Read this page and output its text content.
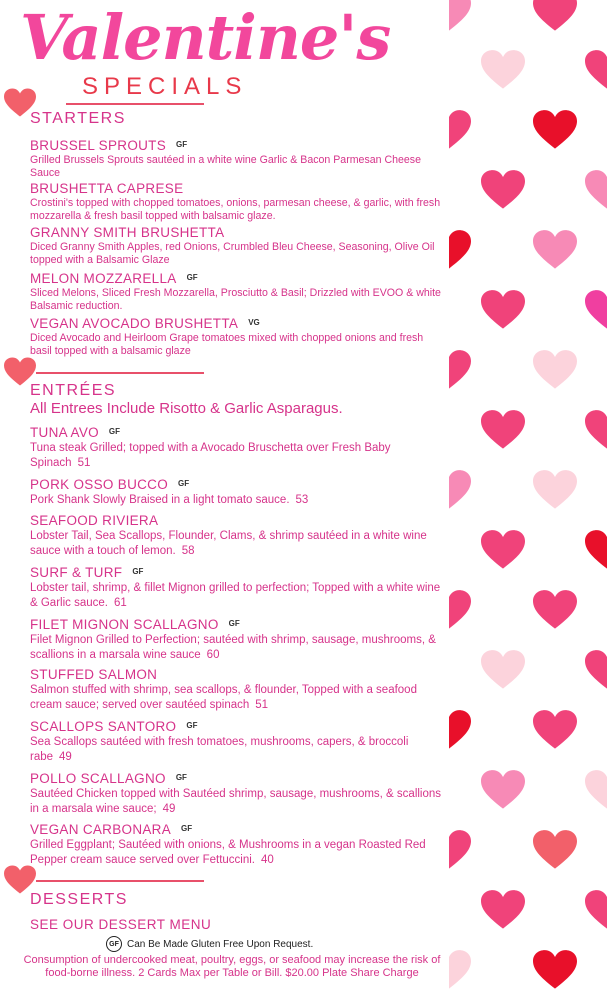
Valentine's
SPECIALS
STARTERS
BRUSSEL SPROUTS $^{GF}$
Grilled Brussels Sprouts sautéed in a white wine Garlic & Bacon Parmesan Cheese Sauce
BRUSHETTA CAPRESE
Crostini's topped with chopped tomatoes, onions, parmesan cheese, & garlic, with fresh mozzarella & fresh basil topped with balsamic glaze.
GRANNY SMITH BRUSHETTA
Diced Granny Smith Apples, red Onions, Crumbled Bleu Cheese, Seasoning, Olive Oil topped with a Balsamic Glaze
MELON MOZZARELLA $^{GF}$
Sliced Melons, Sliced Fresh Mozzarella, Prosciutto & Basil; Drizzled with EVOO & white Balsamic reduction.
VEGAN AVOCADO BRUSHETTA $^{VG}$
Diced Avocado and Heirloom Grape tomatoes mixed with chopped onions and fresh basil topped with a balsamic glaze
ENTRÉES
All Entrees Include Risotto & Garlic Asparagus.
TUNA AVO $^{GF}$
Tuna steak Grilled; topped with a Avocado Bruschetta over Fresh Baby Spinach 51
PORK OSSO BUCCO $^{GF}$
Pork Shank Slowly Braised in a light tomato sauce. 53
SEAFOOD RIVIERA
Lobster Tail, Sea Scallops, Flounder, Clams, & shrimp sautéed in a white wine sauce with a touch of lemon. 58
SURF & TURF $^{GF}$
Lobster tail, shrimp, & fillet Mignon grilled to perfection; Topped with a white wine & Garlic sauce. 61
FILET MIGNON SCALLAGNO $^{GF}$
Filet Mignon Grilled to Perfection; sautéed with shrimp, sausage, mushrooms, & scallions in a marsala wine sauce 60
STUFFED SALMON
Salmon stuffed with shrimp, sea scallops, & flounder, Topped with a seafood cream sauce; served over sautéed spinach 51
SCALLOPS SANTORO $^{GF}$
Sea Scallops sautéed with fresh tomatoes, mushrooms, capers, & broccoli rabe 49
POLLO SCALLAGNO $^{GF}$
Sautéed Chicken topped with Sautéed shrimp, sausage, mushrooms, & scallions in a marsala wine sauce; 49
VEGAN CARBONARA $^{GF}$
Grilled Eggplant; Sautéed with onions, & Mushrooms in a vegan Roasted Red Pepper cream sauce served over Fettuccini. 40
DESSERTS
SEE OUR DESSERT MENU
GF Can Be Made Gluten Free Upon Request.
Consumption of undercooked meat, poultry, eggs, or seafood may increase the risk of food-borne illness. 2 Cards Max per Table or Bill. $20.00 Plate Share Charge
